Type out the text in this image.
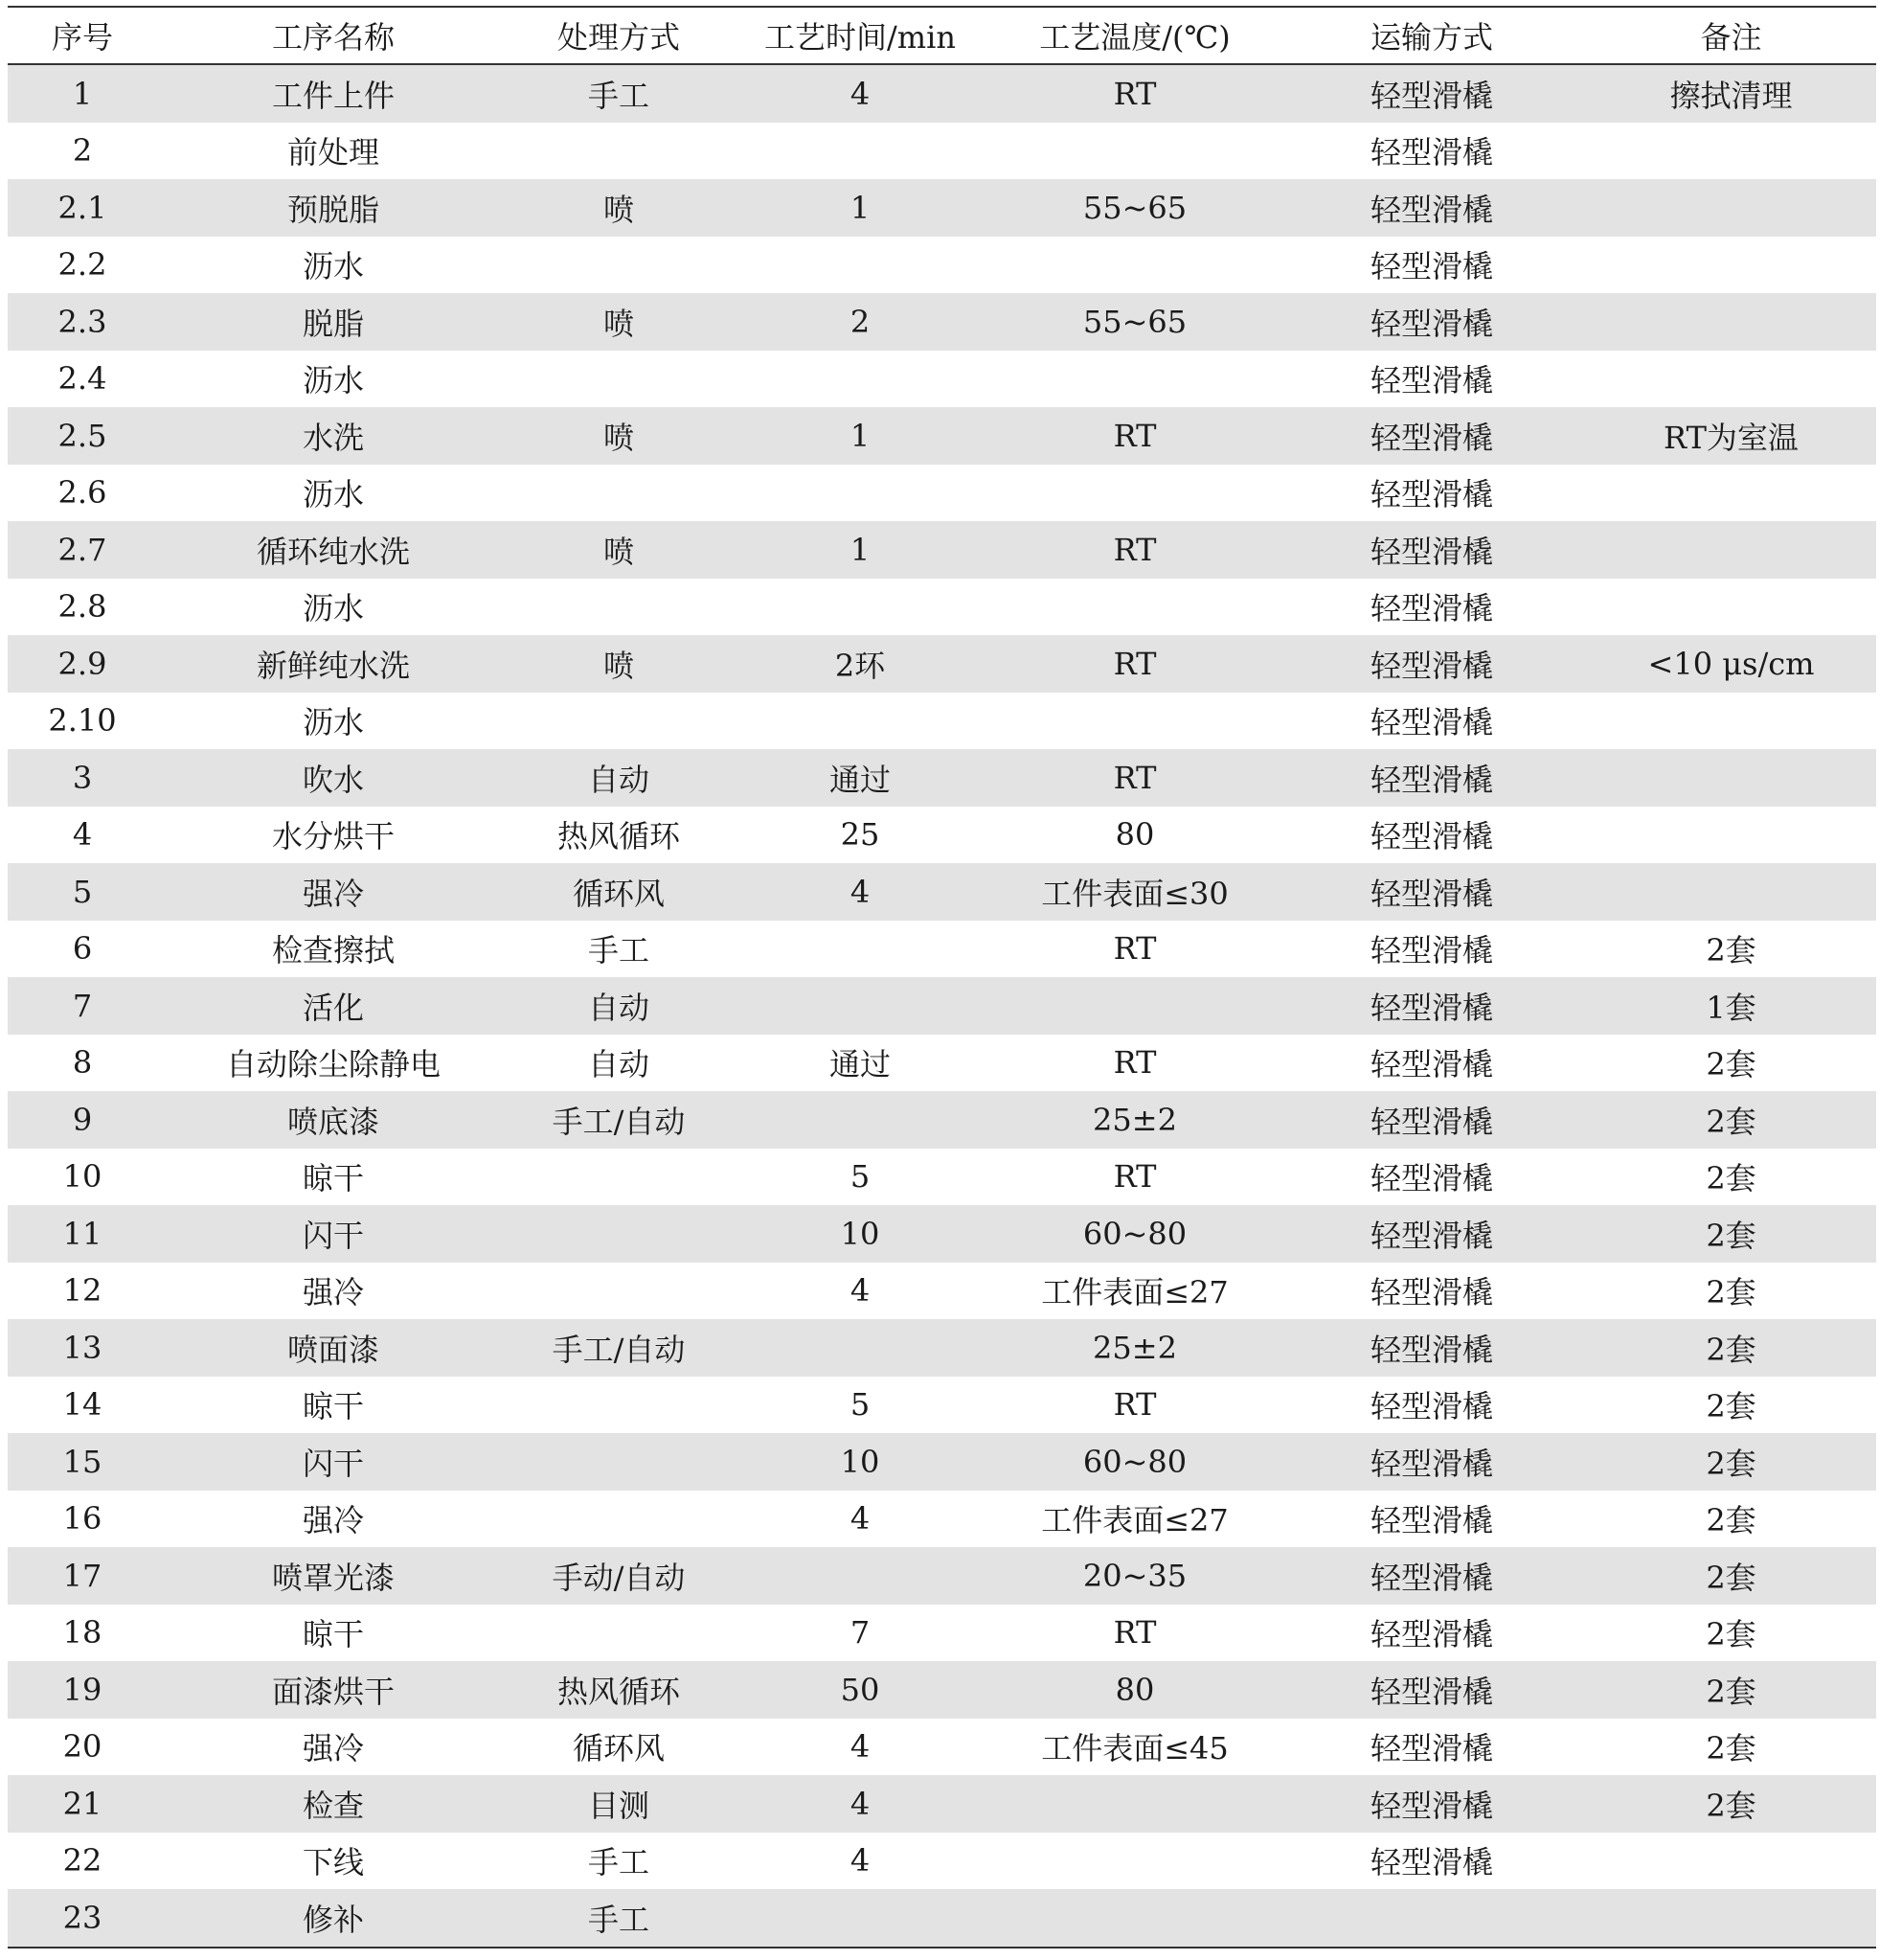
序号	工序名称	处理方式	工艺时间/min	工艺温度/(℃)	运输方式	备注
1	工件上件	手工	4	RT	轻型滑橇	擦拭清理
2	前处理				轻型滑橇	
2.1	预脱脂	喷	1	55~65	轻型滑橇	
2.2	沥水				轻型滑橇	
2.3	脱脂	喷	2	55~65	轻型滑橇	
2.4	沥水				轻型滑橇	
2.5	水洗	喷	1	RT	轻型滑橇	RT为室温
2.6	沥水				轻型滑橇	
2.7	循环纯水洗	喷	1	RT	轻型滑橇	
2.8	沥水				轻型滑橇	
2.9	新鲜纯水洗	喷	2环	RT	轻型滑橇	<10 μs/cm
2.10	沥水				轻型滑橇	
3	吹水	自动	通过	RT	轻型滑橇	
4	水分烘干	热风循环	25	80	轻型滑橇	
5	强冷	循环风	4	工件表面≤30	轻型滑橇	
6	检查擦拭	手工		RT	轻型滑橇	2套
7	活化	自动			轻型滑橇	1套
8	自动除尘除静电	自动	通过	RT	轻型滑橇	2套
9	喷底漆	手工/自动		25±2	轻型滑橇	2套
10	晾干		5	RT	轻型滑橇	2套
11	闪干		10	60~80	轻型滑橇	2套
12	强冷		4	工件表面≤27	轻型滑橇	2套
13	喷面漆	手工/自动		25±2	轻型滑橇	2套
14	晾干		5	RT	轻型滑橇	2套
15	闪干		10	60~80	轻型滑橇	2套
16	强冷		4	工件表面≤27	轻型滑橇	2套
17	喷罩光漆	手动/自动		20~35	轻型滑橇	2套
18	晾干		7	RT	轻型滑橇	2套
19	面漆烘干	热风循环	50	80	轻型滑橇	2套
20	强冷	循环风	4	工件表面≤45	轻型滑橇	2套
21	检查	目测	4		轻型滑橇	2套
22	下线	手工	4		轻型滑橇	
23	修补	手工				
